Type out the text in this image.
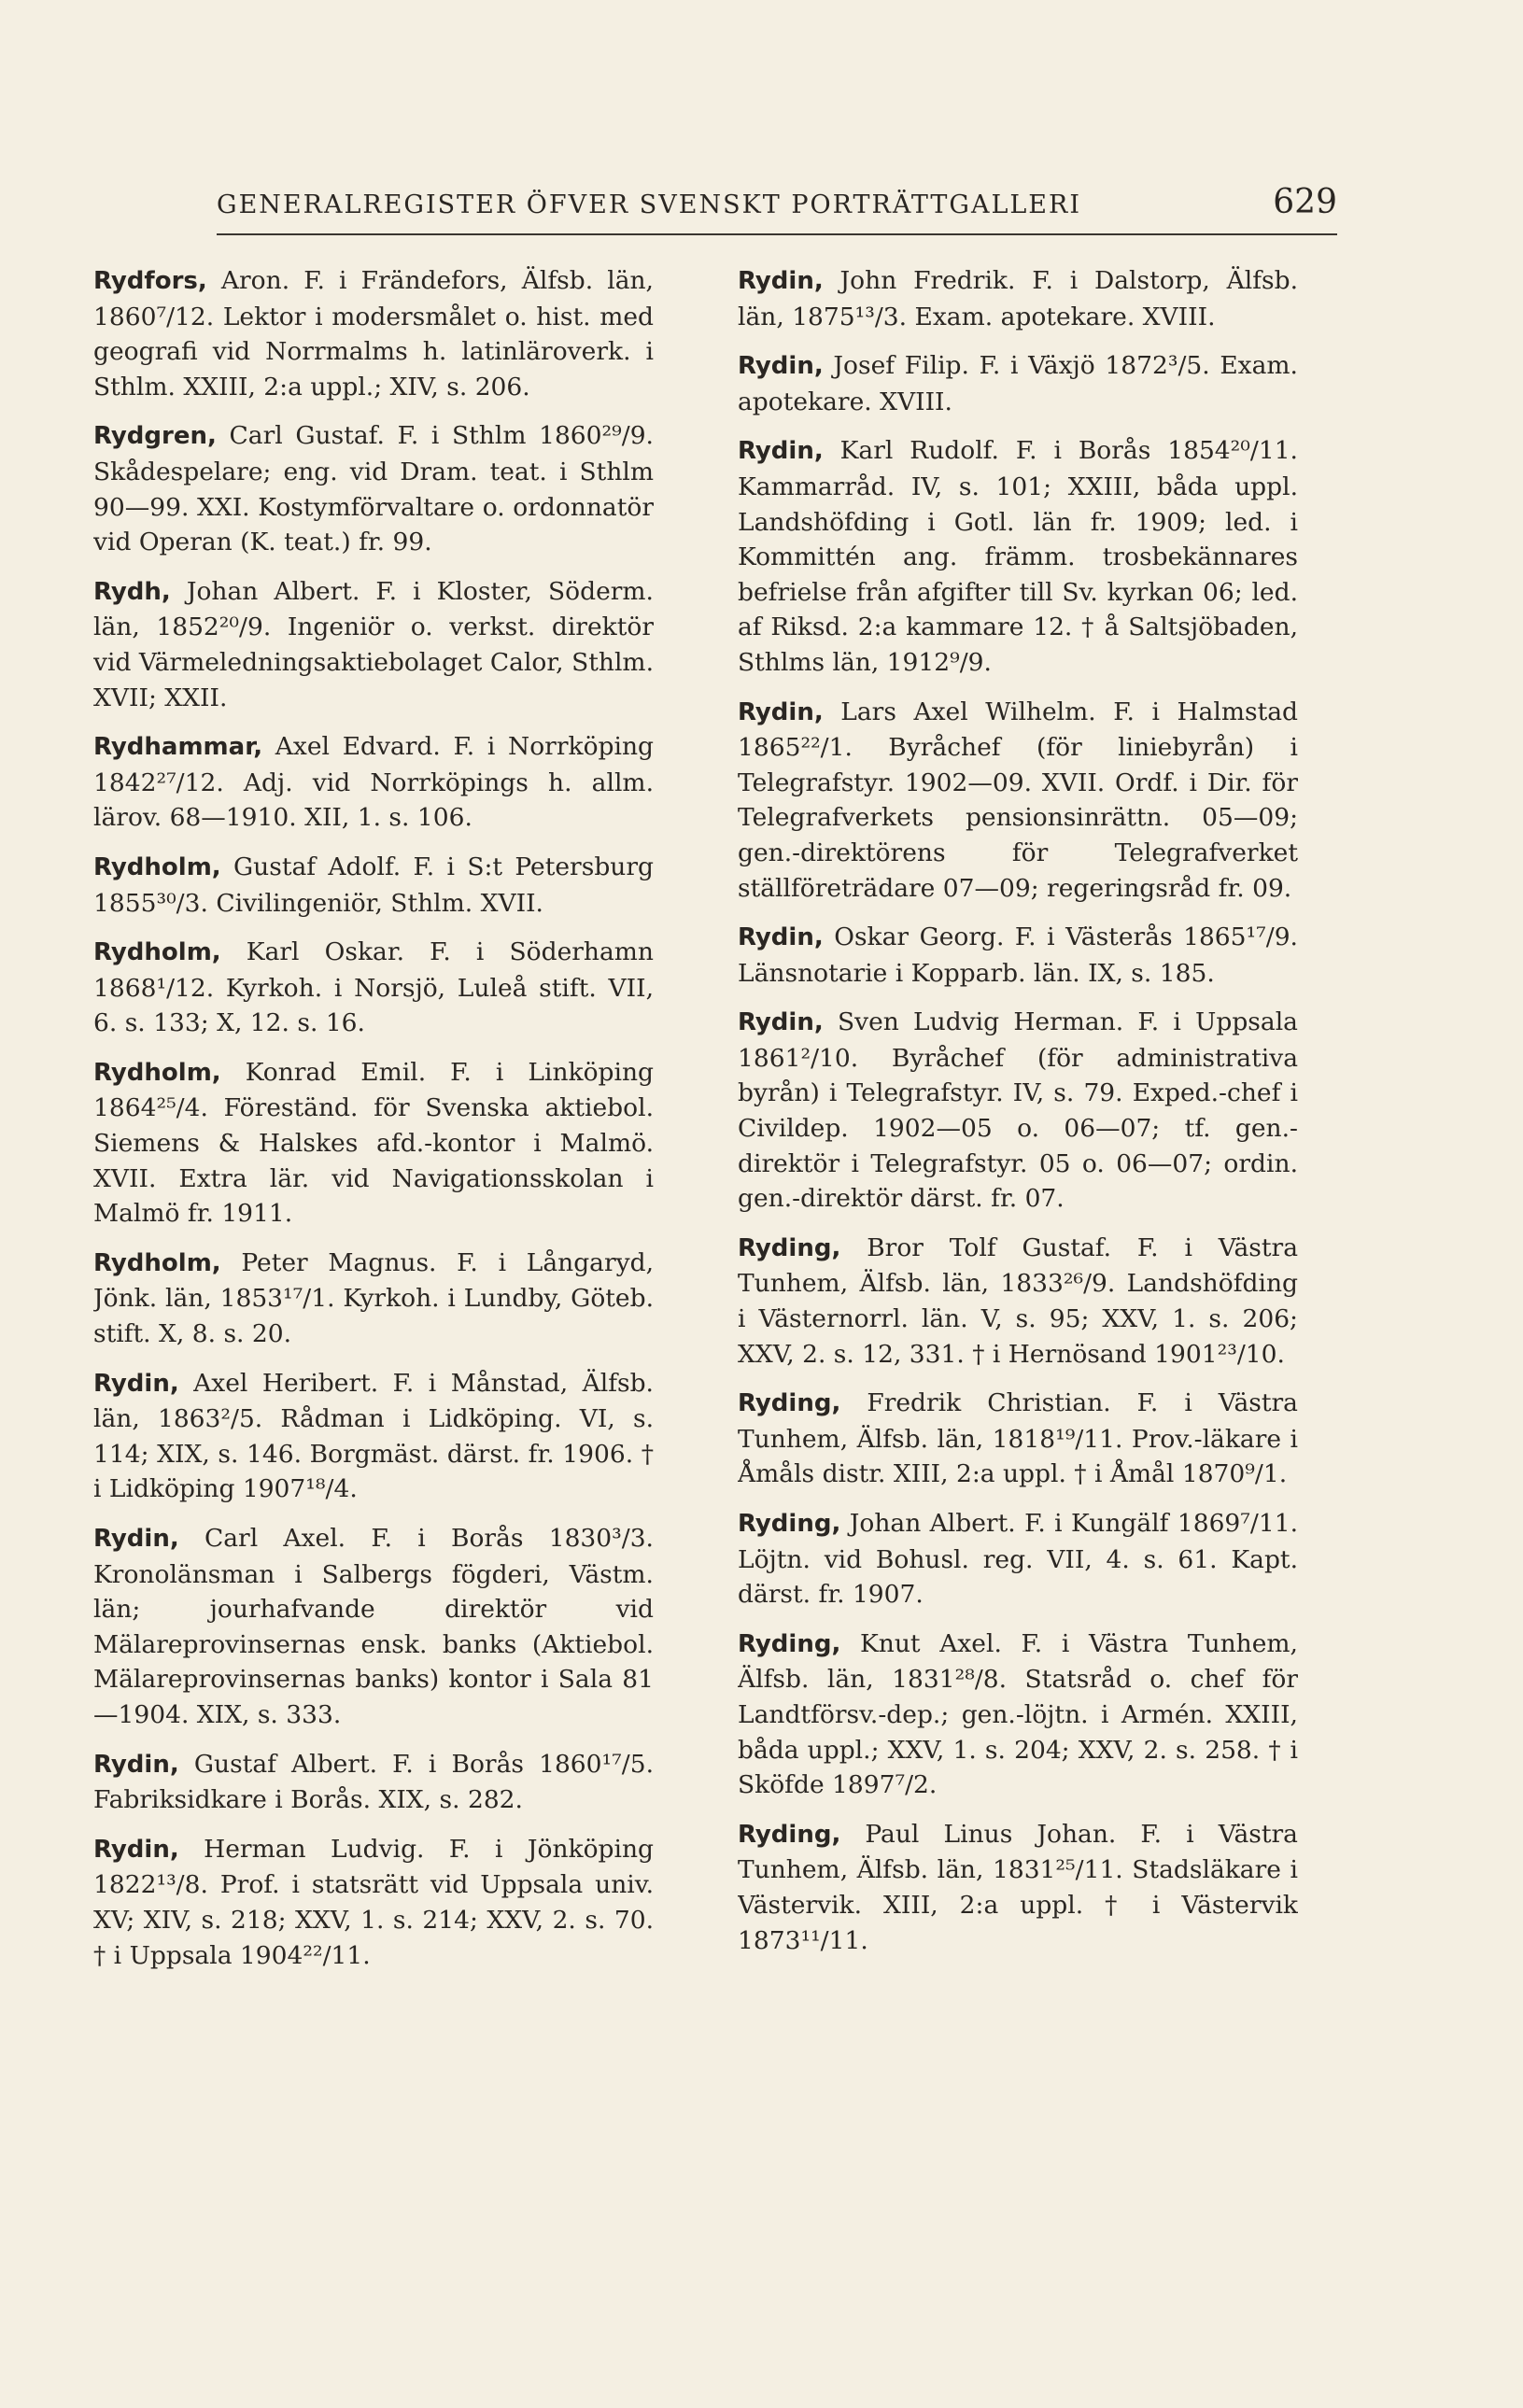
GENERALREGISTER ÖFVER SVENSKT PORTRÄTTGALLERI	629

Rydfors, Aron. F. i Frändefors, Älfsb. län, 1860⁷/12. Lektor i modersmålet o. hist. med geografi vid Norrmalms h. latinläroverk. i Sthlm. XXIII, 2:a uppl.; XIV, s. 206.

Rydgren, Carl Gustaf. F. i Sthlm 1860²⁹/9. Skådespelare; eng. vid Dram. teat. i Sthlm 90—99. XXI. Kostymförvaltare o. ordonnatör vid Operan (K. teat.) fr. 99.

Rydh, Johan Albert. F. i Kloster, Söderm. län, 1852²⁰/9. Ingeniör o. verkst. direktör vid Värmeledningsaktiebolaget Calor, Sthlm. XVII; XXII.

Rydhammar, Axel Edvard. F. i Norrköping 1842²⁷/12. Adj. vid Norrköpings h. allm. lärov. 68—1910. XII, 1. s. 106.

Rydholm, Gustaf Adolf. F. i S:t Petersburg 1855³⁰/3. Civilingeniör, Sthlm. XVII.

Rydholm, Karl Oskar. F. i Söderhamn 1868¹/12. Kyrkoh. i Norsjö, Luleå stift. VII, 6. s. 133; X, 12. s. 16.

Rydholm, Konrad Emil. F. i Linköping 1864²⁵/4. Föreständ. för Svenska aktiebol. Siemens & Halskes afd.-kontor i Malmö. XVII. Extra lär. vid Navigationsskolan i Malmö fr. 1911.

Rydholm, Peter Magnus. F. i Långaryd, Jönk. län, 1853¹⁷/1. Kyrkoh. i Lundby, Göteb. stift. X, 8. s. 20.

Rydin, Axel Heribert. F. i Månstad, Älfsb. län, 1863²/5. Rådman i Lidköping. VI, s. 114; XIX, s. 146. Borgmäst. därst. fr. 1906. † i Lidköping 1907¹⁸/4.

Rydin, Carl Axel. F. i Borås 1830³/3. Kronolänsman i Salbergs fögderi, Västm. län; jourhafvande direktör vid Mälareprovinsernas ensk. banks (Aktiebol. Mälareprovinsernas banks) kontor i Sala 81—1904. XIX, s. 333.

Rydin, Gustaf Albert. F. i Borås 1860¹⁷/5. Fabriksidkare i Borås. XIX, s. 282.

Rydin, Herman Ludvig. F. i Jönköping 1822¹³/8. Prof. i statsrätt vid Uppsala univ. XV; XIV, s. 218; XXV, 1. s. 214; XXV, 2. s. 70. † i Uppsala 1904²²/11.

Rydin, John Fredrik. F. i Dalstorp, Älfsb. län, 1875¹³/3. Exam. apotekare. XVIII.

Rydin, Josef Filip. F. i Växjö 1872³/5. Exam. apotekare. XVIII.

Rydin, Karl Rudolf. F. i Borås 1854²⁰/11. Kammarråd. IV, s. 101; XXIII, båda uppl. Landshöfding i Gotl. län fr. 1909; led. i Kommittén ang. främm. trosbekännares befrielse från afgifter till Sv. kyrkan 06; led. af Riksd. 2:a kammare 12. † å Saltsjöbaden, Sthlms län, 1912⁹/9.

Rydin, Lars Axel Wilhelm. F. i Halmstad 1865²²/1. Byråchef (för liniebyrån) i Telegrafstyr. 1902—09. XVII. Ordf. i Dir. för Telegrafverkets pensionsinrättn. 05—09; gen.-direktörens för Telegrafverket ställföreträdare 07—09; regeringsråd fr. 09.

Rydin, Oskar Georg. F. i Västerås 1865¹⁷/9. Länsnotarie i Kopparb. län. IX, s. 185.

Rydin, Sven Ludvig Herman. F. i Uppsala 1861²/10. Byråchef (för administrativa byrån) i Telegrafstyr. IV, s. 79. Exped.-chef i Civildep. 1902—05 o. 06—07; tf. gen.-direktör i Telegrafstyr. 05 o. 06—07; ordin. gen.-direktör därst. fr. 07.

Ryding, Bror Tolf Gustaf. F. i Västra Tunhem, Älfsb. län, 1833²⁶/9. Landshöfding i Västernorrl. län. V, s. 95; XXV, 1. s. 206; XXV, 2. s. 12, 331. † i Hernösand 1901²³/10.

Ryding, Fredrik Christian. F. i Västra Tunhem, Älfsb. län, 1818¹⁹/11. Prov.-läkare i Åmåls distr. XIII, 2:a uppl. † i Åmål 1870⁹/1.

Ryding, Johan Albert. F. i Kungälf 1869⁷/11. Löjtn. vid Bohusl. reg. VII, 4. s. 61. Kapt. därst. fr. 1907.

Ryding, Knut Axel. F. i Västra Tunhem, Älfsb. län, 1831²⁸/8. Statsråd o. chef för Landtförsv.-dep.; gen.-löjtn. i Armén. XXIII, båda uppl.; XXV, 1. s. 204; XXV, 2. s. 258. † i Sköfde 1897⁷/2.

Ryding, Paul Linus Johan. F. i Västra Tunhem, Älfsb. län, 1831²⁵/11. Stadsläkare i Västervik. XIII, 2:a uppl. † i Västervik 1873¹¹/11.
